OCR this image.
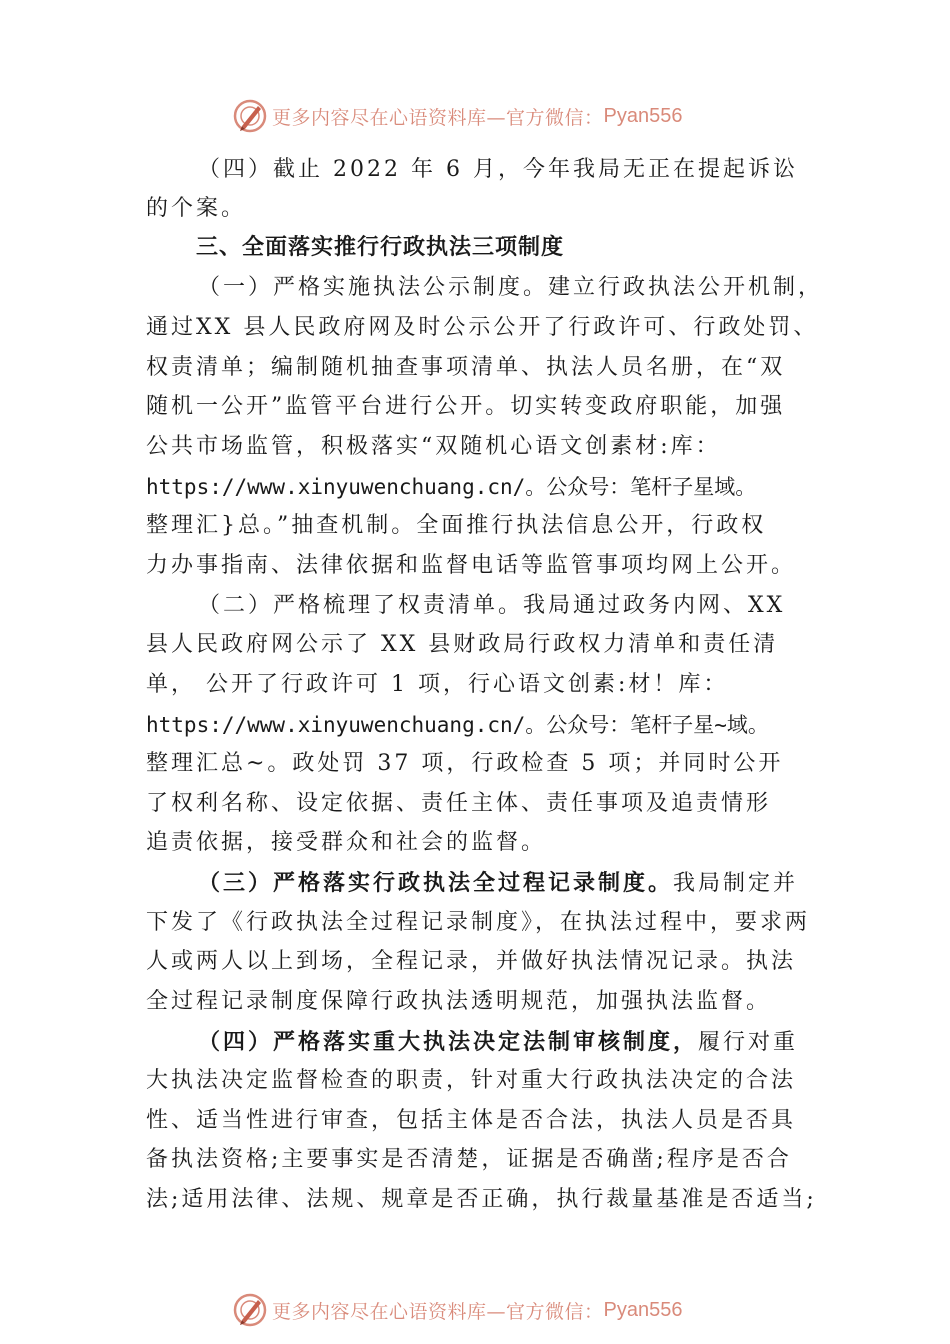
更多内容尽在心语资料库—官方微信： Pyan556
（四）截止 2022 年 6 月，今年我局无正在提起诉讼
的个案。
三、全面落实推行行政执法三项制度
（一）严格实施执法公示制度。建立行政执法公开机制，
通过XX 县人民政府网及时公示公开了行政许可、行政处罚、
权责清单；编制随机抽查事项清单、执法人员名册，在“双
随机一公开”监管平台进行公开。切实转变政府职能，加强
公共市场监管，积极落实“双随机心语文创素材:库：
https://www.xinyuwenchuang.cn/。公众号：笔杆子星域。
整理汇}总。”抽查机制。全面推行执法信息公开，行政权
力办事指南、法律依据和监督电话等监管事项均网上公开。
（二）严格梳理了权责清单。我局通过政务内网、XX
县人民政府网公示了 XX 县财政局行政权力清单和责任清
单， 公开了行政许可 1 项，行心语文创素:材！库：
https://www.xinyuwenchuang.cn/。公众号：笔杆子星~域。
整理汇总~。政处罚 37 项，行政检查 5 项；并同时公开
了权利名称、设定依据、责任主体、责任事项及追责情形
追责依据，接受群众和社会的监督。
（三）严格落实行政执法全过程记录制度。我局制定并
下发了《行政执法全过程记录制度》，在执法过程中，要求两
人或两人以上到场，全程记录，并做好执法情况记录。执法
全过程记录制度保障行政执法透明规范，加强执法监督。
（四）严格落实重大执法决定法制审核制度，履行对重
大执法决定监督检查的职责，针对重大行政执法决定的合法
性、适当性进行审查，包括主体是否合法，执法人员是否具
备执法资格;主要事实是否清楚，证据是否确凿;程序是否合
法;适用法律、法规、规章是否正确，执行裁量基准是否适当;
更多内容尽在心语资料库—官方微信： Pyan556
